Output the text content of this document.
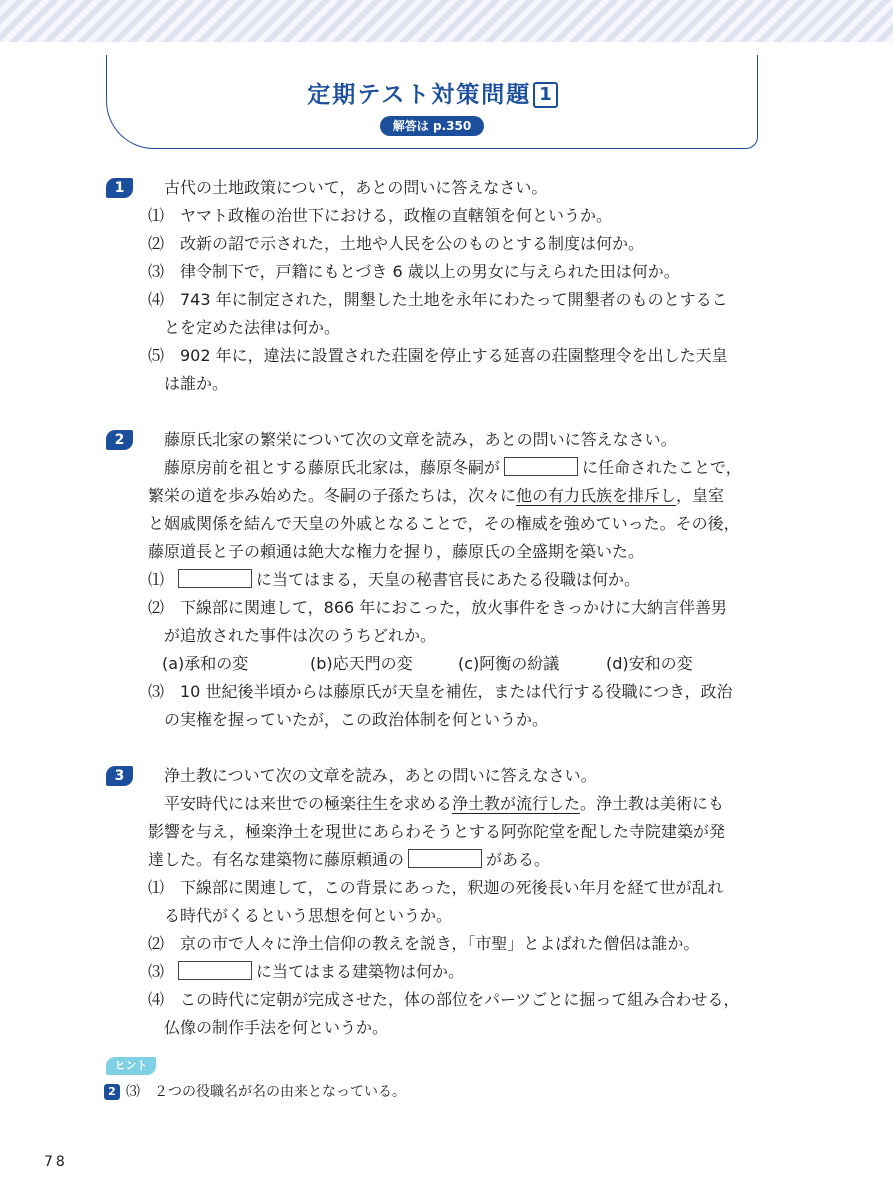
定期テスト対策問題 1
解答は p.350
1	古代の土地政策について，あとの問いに答えなさい。
⑴　ヤマト政権の治世下における，政権の直轄領を何というか。
⑵　改新の詔で示された，土地や人民を公のものとする制度は何か。
⑶　律令制下で，戸籍にもとづき 6 歳以上の男女に与えられた田は何か。
⑷　743 年に制定された，開墾した土地を永年にわたって開墾者のものとするこ
とを定めた法律は何か。
⑸　902 年に，違法に設置された荘園を停止する延喜の荘園整理令を出した天皇
は誰か。
2	藤原氏北家の繁栄について次の文章を読み，あとの問いに答えなさい。
藤原房前を祖とする藤原氏北家は，藤原冬嗣が	に任命されたことで，
繁栄の道を歩み始めた。冬嗣の子孫たちは，次々に他の有力氏族を排斥し，皇室
と姻戚関係を結んで天皇の外戚となることで，その権威を強めていった。その後，
藤原道長と子の頼通は絶大な権力を握り，藤原氏の全盛期を築いた。
⑴	に当てはまる，天皇の秘書官長にあたる役職は何か。
⑵　下線部に関連して，866 年におこった，放火事件をきっかけに大納言伴善男
が追放された事件は次のうちどれか。
(a)承和の変	(b)応天門の変	(c)阿衡の紛議	(d)安和の変
⑶　10 世紀後半頃からは藤原氏が天皇を補佐，または代行する役職につき，政治
の実権を握っていたが，この政治体制を何というか。
3	浄土教について次の文章を読み，あとの問いに答えなさい。
平安時代には来世での極楽往生を求める浄土教が流行した。浄土教は美術にも
影響を与え，極楽浄土を現世にあらわそうとする阿弥陀堂を配した寺院建築が発
達した。有名な建築物に藤原頼通の	がある。
⑴　下線部に関連して，この背景にあった，釈迦の死後長い年月を経て世が乱れ
る時代がくるという思想を何というか。
⑵　京の市で人々に浄土信仰の教えを説き，「市聖」とよばれた僧侶は誰か。
⑶	に当てはまる建築物は何か。
⑷　この時代に定朝が完成させた，体の部位をパーツごとに掘って組み合わせる，
仏像の制作手法を何というか。
ヒント
2 ⑶　２つの役職名が名の由来となっている。
78
